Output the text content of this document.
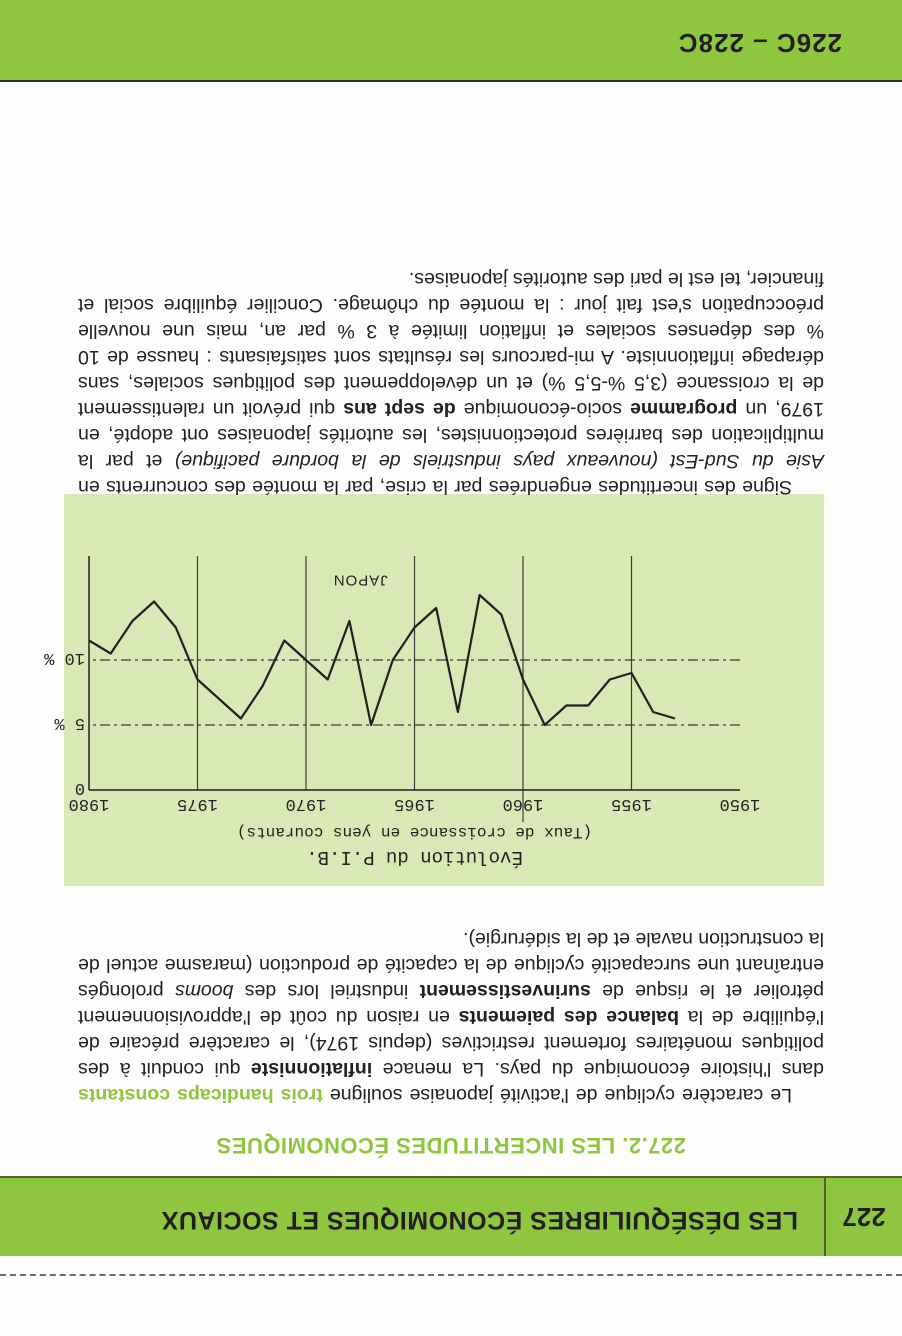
227
LES DÉSÉQUILIBRES ÉCONOMIQUES ET SOCIAUX
227.2. LES INCERTITUDES ÉCONOMIQUES

Le caractère cyclique de l'activité japonaise souligne trois handicaps constants dans l'histoire économique du pays. La menace inflationniste qui conduit à des politiques monétaires fortement restrictives (depuis 1974), le caractère précaire de l'équilibre de la balance des paiements en raison du coût de l'approvisionnement pétrolier et le risque de surinvestissement industriel lors des booms prolongés entraînant une surcapacité cyclique de la capacité de production (marasme actuel de la construction navale et de la sidérurgie).

Évolution du P.I.B.
(Taux de croissance en yens courants)
1950
1955
1960
1965
1970
1975
1980
0
5 %
10 %
JAPON

Signe des incertitudes engendrées par la crise, par la montée des concurrents en Asie du Sud-Est (nouveaux pays industriels de la bordure pacifique) et par la multiplication des barrières protectionnistes, les autorités japonaises ont adopté, en 1979, un programme socio-économique de sept ans qui prévoit un ralentissement de la croissance (3,5 %-5,5 %) et un développement des politiques sociales, sans dérapage inflationniste. A mi-parcours les résultats sont satisfaisants : hausse de 10 % des dépenses sociales et inflation limitée à 3 % par an, mais une nouvelle préoccupation s'est fait jour : la montée du chômage. Concilier équilibre social et financier, tel est le pari des autorités japonaises.

226C – 228C
